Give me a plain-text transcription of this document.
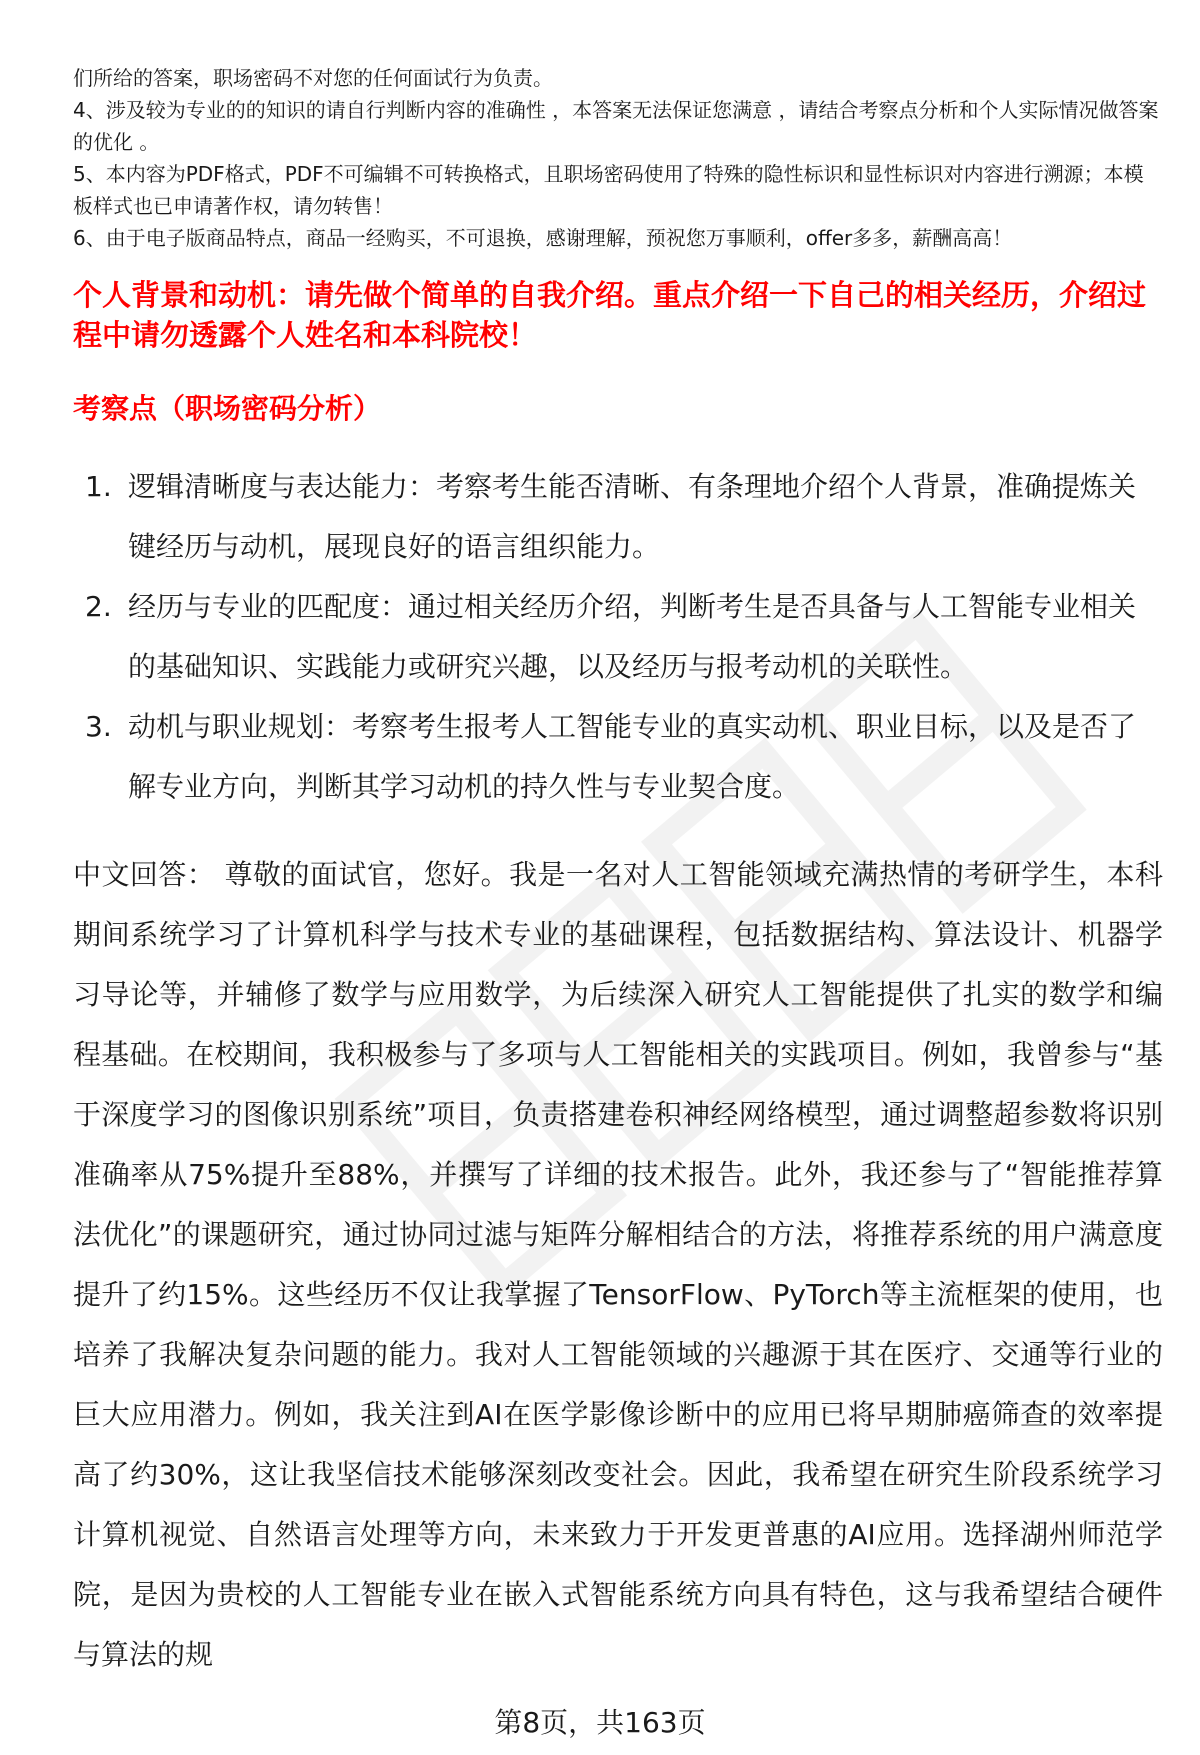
们所给的答案，职场密码不对您的任何面试行为负责。

4、涉及较为专业的的知识的请自行判断内容的准确性 ，本答案无法保证您满意 ，请结合考察点分析和个人实际情况做答案的优化 。

5、本内容为PDF格式，PDF不可编辑不可转换格式，且职场密码使用了特殊的隐性标识和显性标识对内容进行溯源；本模板样式也已申请著作权，请勿转售！

6、由于电子版商品特点，商品一经购买，不可退换，感谢理解，预祝您万事顺利，offer多多，薪酬高高！

个人背景和动机：请先做个简单的自我介绍。重点介绍一下自己的相关经历，介绍过程中请勿透露个人姓名和本科院校！

考察点（职场密码分析）

1. 逻辑清晰度与表达能力：考察考生能否清晰、有条理地介绍个人背景，准确提炼关键经历与动机，展现良好的语言组织能力。
2. 经历与专业的匹配度：通过相关经历介绍，判断考生是否具备与人工智能专业相关的基础知识、实践能力或研究兴趣，以及经历与报考动机的关联性。
3. 动机与职业规划：考察考生报考人工智能专业的真实动机、职业目标，以及是否了解专业方向，判断其学习动机的持久性与专业契合度。

中文回答： 尊敬的面试官，您好。我是一名对人工智能领域充满热情的考研学生，本科期间系统学习了计算机科学与技术专业的基础课程，包括数据结构、算法设计、机器学习导论等，并辅修了数学与应用数学，为后续深入研究人工智能提供了扎实的数学和编程基础。在校期间，我积极参与了多项与人工智能相关的实践项目。例如，我曾参与“基于深度学习的图像识别系统”项目，负责搭建卷积神经网络模型，通过调整超参数将识别准确率从75%提升至88%，并撰写了详细的技术报告。此外，我还参与了“智能推荐算法优化”的课题研究，通过协同过滤与矩阵分解相结合的方法，将推荐系统的用户满意度提升了约15%。这些经历不仅让我掌握了TensorFlow、PyTorch等主流框架的使用，也培养了我解决复杂问题的能力。我对人工智能领域的兴趣源于其在医疗、交通等行业的巨大应用潜力。例如，我关注到AI在医学影像诊断中的应用已将早期肺癌筛查的效率提高了约30%，这让我坚信技术能够深刻改变社会。因此，我希望在研究生阶段系统学习计算机视觉、自然语言处理等方向，未来致力于开发更普惠的AI应用。选择湖州师范学院，是因为贵校的人工智能专业在嵌入式智能系统方向具有特色，这与我希望结合硬件与算法的规

第8页，共163页
